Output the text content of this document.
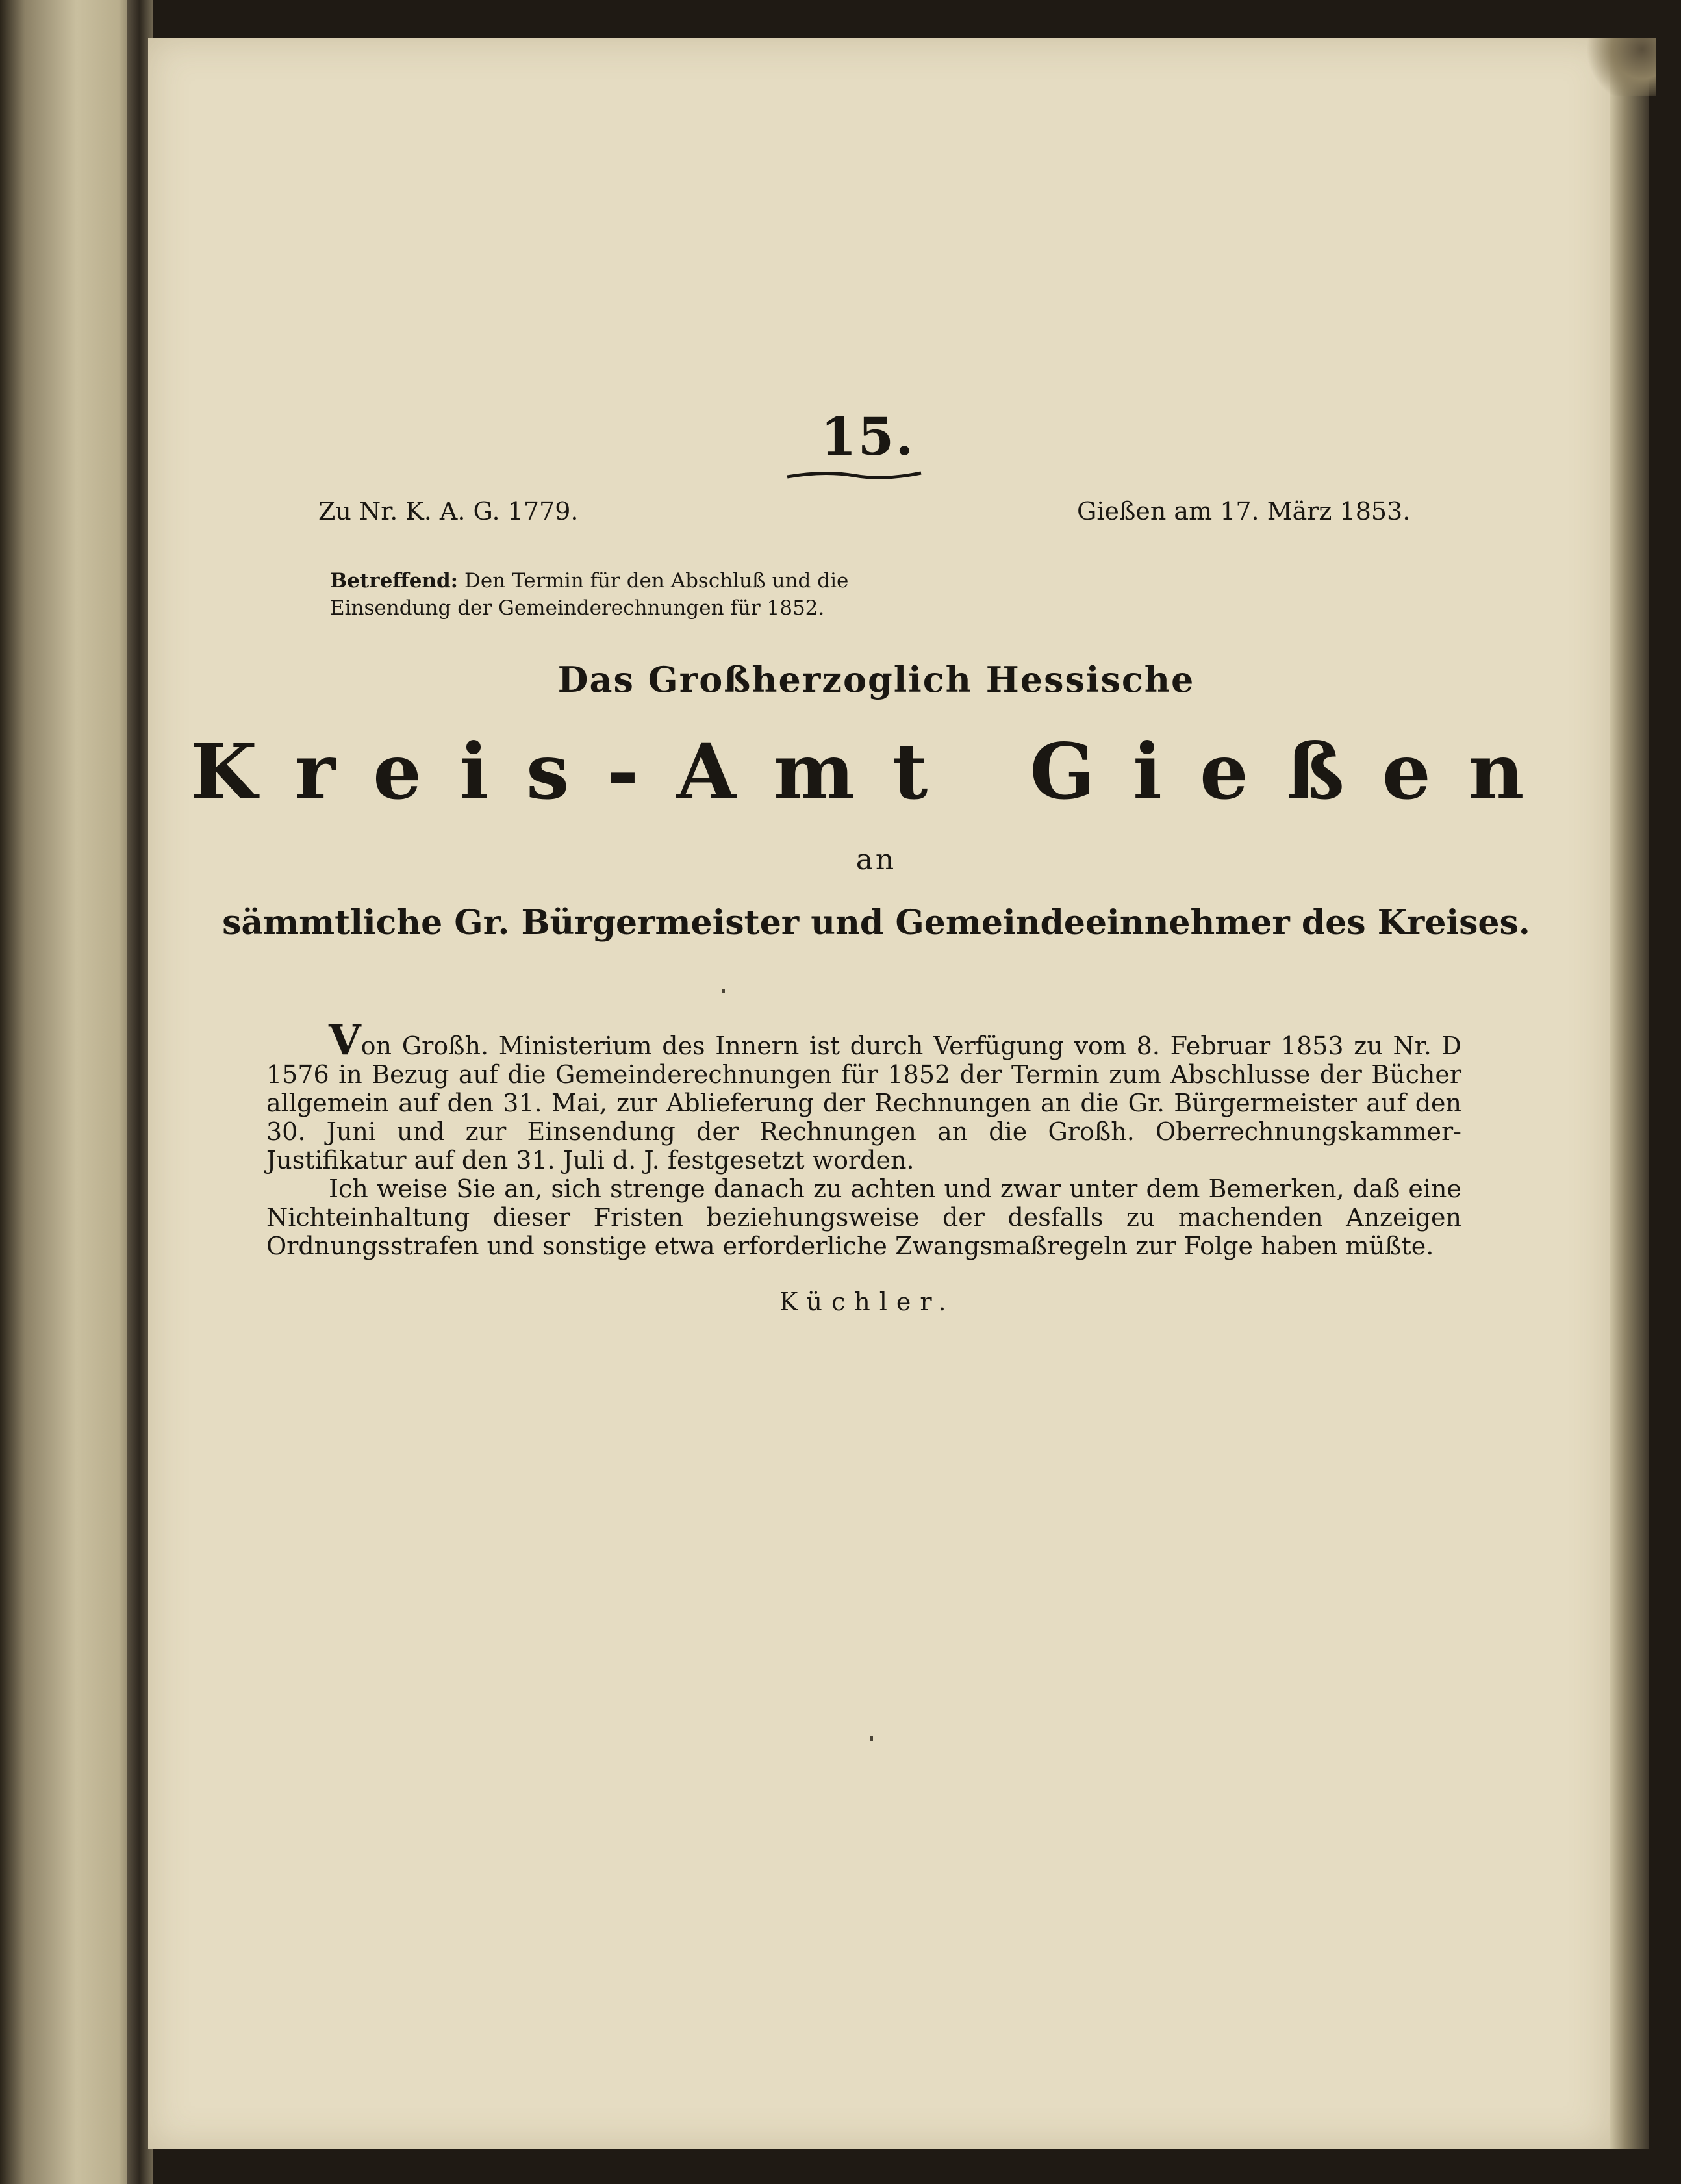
15.
Zu Nr. K. A. G. 1779.	Gießen am 17. März 1853.
Betreffend: Den Termin für den Abschluß und die Einsendung der Gemeinderechnungen für 1852.
Das Großherzoglich Hessische
Kreis-Amt Gießen
an
sämmtliche Gr. Bürgermeister und Gemeindeeinnehmer des Kreises.

Von Großh. Ministerium des Innern ist durch Verfügung vom 8. Februar 1853 zu Nr. D 1576 in Bezug auf die Gemeinderechnungen für 1852 der Termin zum Abschlusse der Bücher allgemein auf den 31. Mai, zur Ablieferung der Rechnungen an die Gr. Bürgermeister auf den 30. Juni und zur Einsendung der Rechnungen an die Großh. Oberrechnungskammer-Justifikatur auf den 31. Juli d. J. festgesetzt worden.

Ich weise Sie an, sich strenge danach zu achten und zwar unter dem Bemerken, daß eine Nichteinhaltung dieser Fristen beziehungsweise der desfalls zu machenden Anzeigen Ordnungsstrafen und sonstige etwa erforderliche Zwangsmaßregeln zur Folge haben müßte.

Küchler.
